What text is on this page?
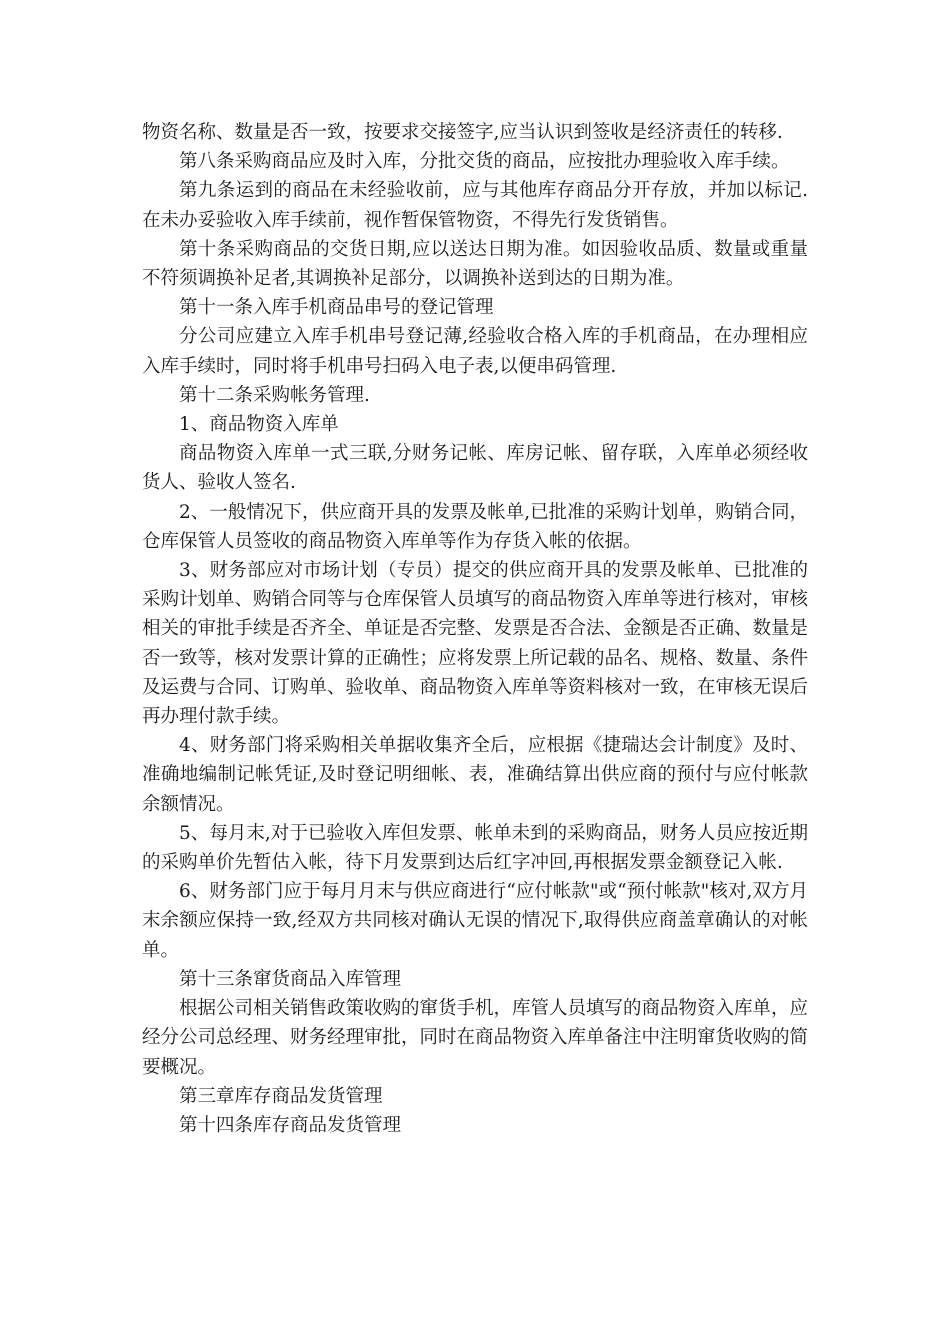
物资名称、数量是否一致，按要求交接签字,应当认识到签收是经济责任的转移.

第八条采购商品应及时入库，分批交货的商品，应按批办理验收入库手续。

第九条运到的商品在未经验收前，应与其他库存商品分开存放，并加以标记.在未办妥验收入库手续前，视作暂保管物资，不得先行发货销售。

第十条采购商品的交货日期,应以送达日期为准。如因验收品质、数量或重量不符须调换补足者,其调换补足部分，以调换补送到达的日期为准。

第十一条入库手机商品串号的登记管理

分公司应建立入库手机串号登记薄,经验收合格入库的手机商品，在办理相应入库手续时，同时将手机串号扫码入电子表,以便串码管理.

第十二条采购帐务管理.

1、商品物资入库单

商品物资入库单一式三联,分财务记帐、库房记帐、留存联，入库单必须经收货人、验收人签名.

2、一般情况下，供应商开具的发票及帐单,已批准的采购计划单，购销合同，仓库保管人员签收的商品物资入库单等作为存货入帐的依据。

3、财务部应对市场计划（专员）提交的供应商开具的发票及帐单、已批准的采购计划单、购销合同等与仓库保管人员填写的商品物资入库单等进行核对，审核相关的审批手续是否齐全、单证是否完整、发票是否合法、金额是否正确、数量是否一致等，核对发票计算的正确性；应将发票上所记载的品名、规格、数量、条件及运费与合同、订购单、验收单、商品物资入库单等资料核对一致，在审核无误后再办理付款手续。

4、财务部门将采购相关单据收集齐全后，应根据《捷瑞达会计制度》及时、准确地编制记帐凭证,及时登记明细帐、表，准确结算出供应商的预付与应付帐款余额情况。

5、每月末,对于已验收入库但发票、帐单未到的采购商品，财务人员应按近期的采购单价先暂估入帐，待下月发票到达后红字冲回,再根据发票金额登记入帐.

6、财务部门应于每月月末与供应商进行“应付帐款"或“预付帐款"核对,双方月末余额应保持一致,经双方共同核对确认无误的情况下,取得供应商盖章确认的对帐单。

第十三条窜货商品入库管理

根据公司相关销售政策收购的窜货手机，库管人员填写的商品物资入库单，应经分公司总经理、财务经理审批，同时在商品物资入库单备注中注明窜货收购的简要概况。

第三章库存商品发货管理

第十四条库存商品发货管理
